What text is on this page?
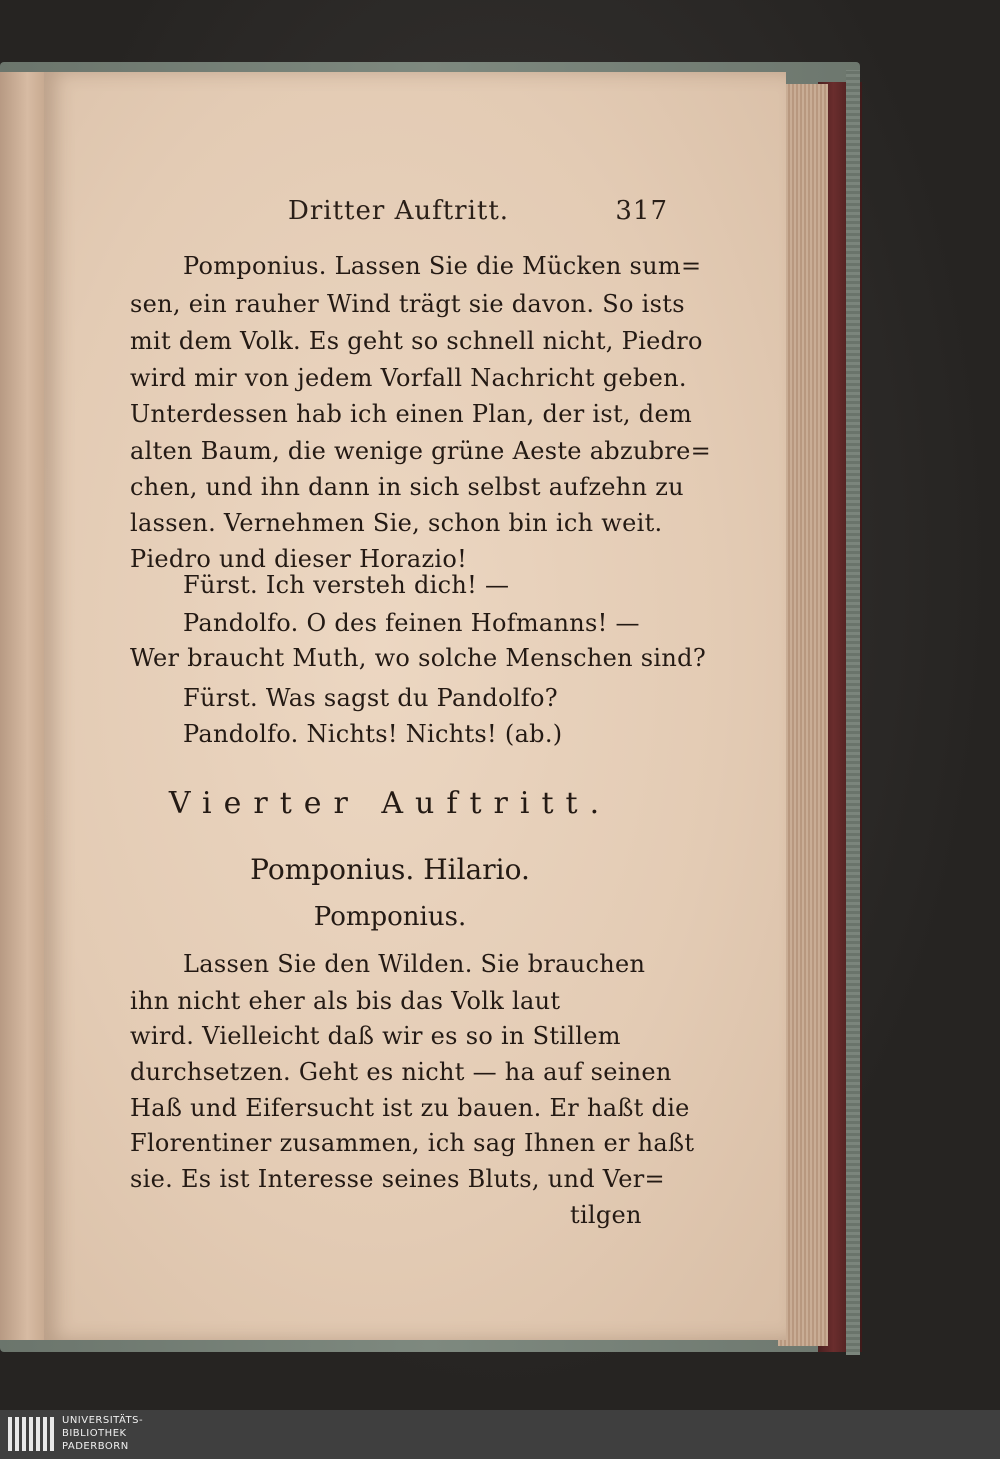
Dritter Auftritt.	317
Pomponius. Lassen Sie die Mücken sum=
sen, ein rauher Wind trägt sie davon. So ists
mit dem Volk. Es geht so schnell nicht, Piedro
wird mir von jedem Vorfall Nachricht geben.
Unterdessen hab ich einen Plan, der ist, dem
alten Baum, die wenige grüne Aeste abzubre=
chen, und ihn dann in sich selbst aufzehn zu
lassen. Vernehmen Sie, schon bin ich weit.
Piedro und dieser Horazio!
Fürst. Ich versteh dich! —
Pandolfo. O des feinen Hofmanns! —
Wer braucht Muth, wo solche Menschen sind?
Fürst. Was sagst du Pandolfo?
Pandolfo. Nichts! Nichts! (ab.)
Vierter Auftritt.
Pomponius. Hilario.
Pomponius.
Lassen Sie den Wilden. Sie brauchen
ihn nicht eher als bis das Volk laut
wird. Vielleicht daß wir es so in Stillem
durchsetzen. Geht es nicht — ha auf seinen
Haß und Eifersucht ist zu bauen. Er haßt die
Florentiner zusammen, ich sag Ihnen er haßt
sie. Es ist Interesse seines Bluts, und Ver=
tilgen
UNIVERSITÄTS-
BIBLIOTHEK
PADERBORN
